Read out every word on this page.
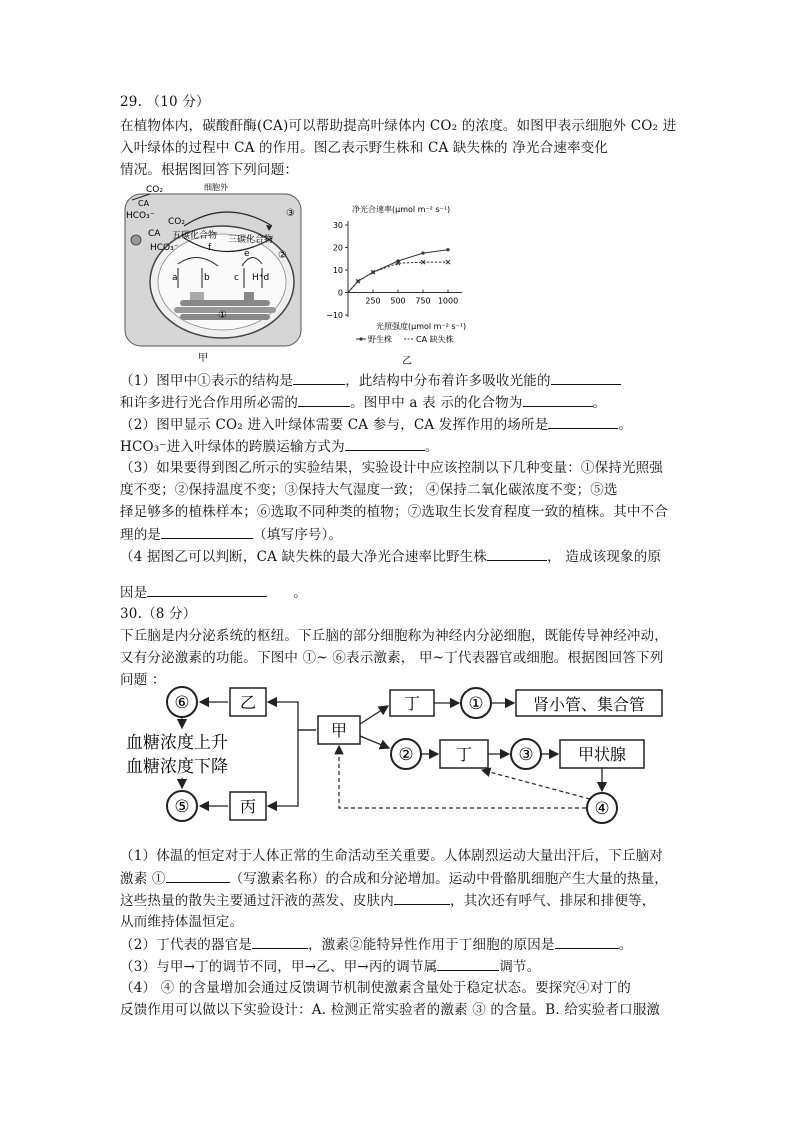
29. （10 分）
在植物体内，碳酸酐酶(CA)可以帮助提高叶绿体内 CO₂ 的浓度。如图甲表示细胞外 CO₂ 进
入叶绿体的过程中 CA 的作用。图乙表示野生株和 CA 缺失株的 净光合速率变化
情况。根据图回答下列问题：
CO₂	细胞外
CA
HCO₃⁻
CO₂
CA
HCO₃⁻
五碳化合物 三碳化合物
f
e
a	b	c H⁺d
①
②
③
甲
净光合速率(μmol m⁻² s⁻¹)
30
20
10
0
−10
250 500 750 1000
光照强度(μmol m⁻² s⁻¹)
野生株	CA 缺失株
乙
（1）图甲中①表示的结构是	，此结构中分布着许多吸收光能的
和许多进行光合作用所必需的	。图甲中 a 表 示的化合物为	。
（2）图甲显示 CO₂ 进入叶绿体需要 CA 参与，CA 发挥作用的场所是	。
HCO₃⁻进入叶绿体的跨膜运输方式为	。
（3）如果要得到图乙所示的实验结果，实验设计中应该控制以下几种变量：①保持光照强
度不变；②保持温度不变；③保持大气湿度一致； ④保持二氧化碳浓度不变；⑤选
择足够多的植株样本；⑥选取不同种类的植物；⑦选取生长发育程度一致的植株。其中不合
理的是	（填写序号）。
（4 据图乙可以判断，CA 缺失株的最大净光合速率比野生株	， 造成该现象的原
因是	。
30.（8 分）
下丘脑是内分泌系统的枢纽。下丘脑的部分细胞称为神经内分泌细胞，既能传导神经冲动，
又有分泌激素的功能。下图中 ①~ ⑥表示激素， 甲~丁代表器官或细胞。根据图回答下列
问题 ：
⑥	乙
血糖浓度上升
血糖浓度下降
⑤	丙
甲
丁	①	肾小管、集合管
②	丁	③	甲状腺
④
（1）体温的恒定对于人体正常的生命活动至关重要。人体剧烈运动大量出汗后，下丘脑对
激素 ①	（写激素名称）的合成和分泌增加。运动中骨骼肌细胞产生大量的热量，
这些热量的散失主要通过汗液的蒸发、皮肤内	，其次还有呼气、排尿和排便等，
从而维持体温恒定。
（2）丁代表的器官是	，激素②能特异性作用于丁细胞的原因是	。
（3）与甲→丁的调节不同，甲→乙、甲→丙的调节属	调节。
（4） ④ 的含量增加会通过反馈调节机制使激素含量处于稳定状态。要探究④对丁的
反馈作用可以做以下实验设计：A. 检测正常实验者的激素 ③ 的含量。B. 给实验者口服激
